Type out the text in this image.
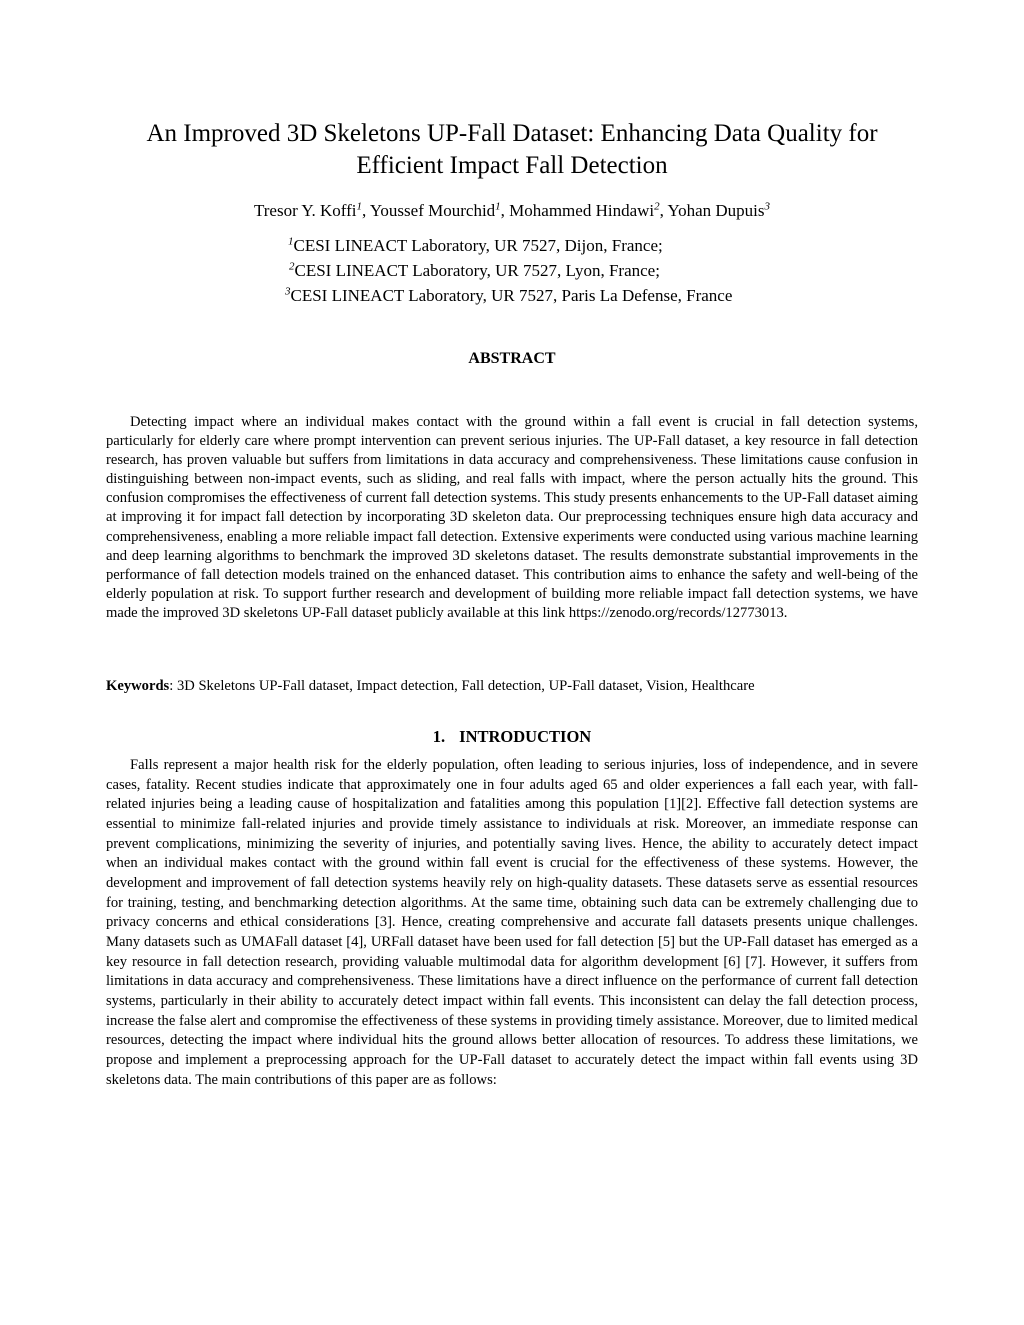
An Improved 3D Skeletons UP-Fall Dataset: Enhancing Data Quality for
Efficient Impact Fall Detection

Tresor Y. Koffi$^1$, Youssef Mourchid$^1$, Mohammed Hindawi$^2$, Yohan Dupuis$^3$

$^1$CESI LINEACT Laboratory, UR 7527, Dijon, France;
$^2$CESI LINEACT Laboratory, UR 7527, Lyon, France;
$^3$CESI LINEACT Laboratory, UR 7527, Paris La Defense, France
ABSTRACT

Detecting impact where an individual makes contact with the ground within a fall event is crucial in fall detection systems, particularly for elderly care where prompt intervention can prevent serious injuries. The UP-Fall dataset, a key resource in fall detection research, has proven valuable but suffers from limitations in data accuracy and comprehensiveness. These limitations cause confusion in distinguishing between non-impact events, such as sliding, and real falls with impact, where the person actually hits the ground. This confusion compromises the effectiveness of current fall detection systems. This study presents enhancements to the UP-Fall dataset aiming at improving it for impact fall detection by incorporating 3D skeleton data. Our preprocessing techniques ensure high data accuracy and comprehensiveness, enabling a more reliable impact fall detection. Extensive experiments were conducted using various machine learning and deep learning algorithms to benchmark the improved 3D skeletons dataset. The results demonstrate substantial improvements in the performance of fall detection models trained on the enhanced dataset. This contribution aims to enhance the safety and well-being of the elderly population at risk. To support further research and development of building more reliable impact fall detection systems, we have made the improved 3D skeletons UP-Fall dataset publicly available at this link https://zenodo.org/records/12773013.

Keywords: 3D Skeletons UP-Fall dataset, Impact detection, Fall detection, UP-Fall dataset, Vision, Healthcare

1. INTRODUCTION

Falls represent a major health risk for the elderly population, often leading to serious injuries, loss of independence, and in severe cases, fatality. Recent studies indicate that approximately one in four adults aged 65 and older experiences a fall each year, with fall-related injuries being a leading cause of hospitalization and fatalities among this population [1][2]. Effective fall detection systems are essential to minimize fall-related injuries and provide timely assistance to individuals at risk. Moreover, an immediate response can prevent complications, minimizing the severity of injuries, and potentially saving lives. Hence, the ability to accurately detect impact when an individual makes contact with the ground within fall event is crucial for the effectiveness of these systems. However, the development and improvement of fall detection systems heavily rely on high-quality datasets. These datasets serve as essential resources for training, testing, and benchmarking detection algorithms. At the same time, obtaining such data can be extremely challenging due to privacy concerns and ethical considerations [3]. Hence, creating comprehensive and accurate fall datasets presents unique challenges. Many datasets such as UMAFall dataset [4], URFall dataset have been used for fall detection [5] but the UP-Fall dataset has emerged as a key resource in fall detection research, providing valuable multimodal data for algorithm development [6] [7]. However, it suffers from limitations in data accuracy and comprehensiveness. These limitations have a direct influence on the performance of current fall detection systems, particularly in their ability to accurately detect impact within fall events. This inconsistent can delay the fall detection process, increase the false alert and compromise the effectiveness of these systems in providing timely assistance. Moreover, due to limited medical resources, detecting the impact where individual hits the ground allows better allocation of resources. To address these limitations, we propose and implement a preprocessing approach for the UP-Fall dataset to accurately detect the impact within fall events using 3D skeletons data. The main contributions of this paper are as follows:
